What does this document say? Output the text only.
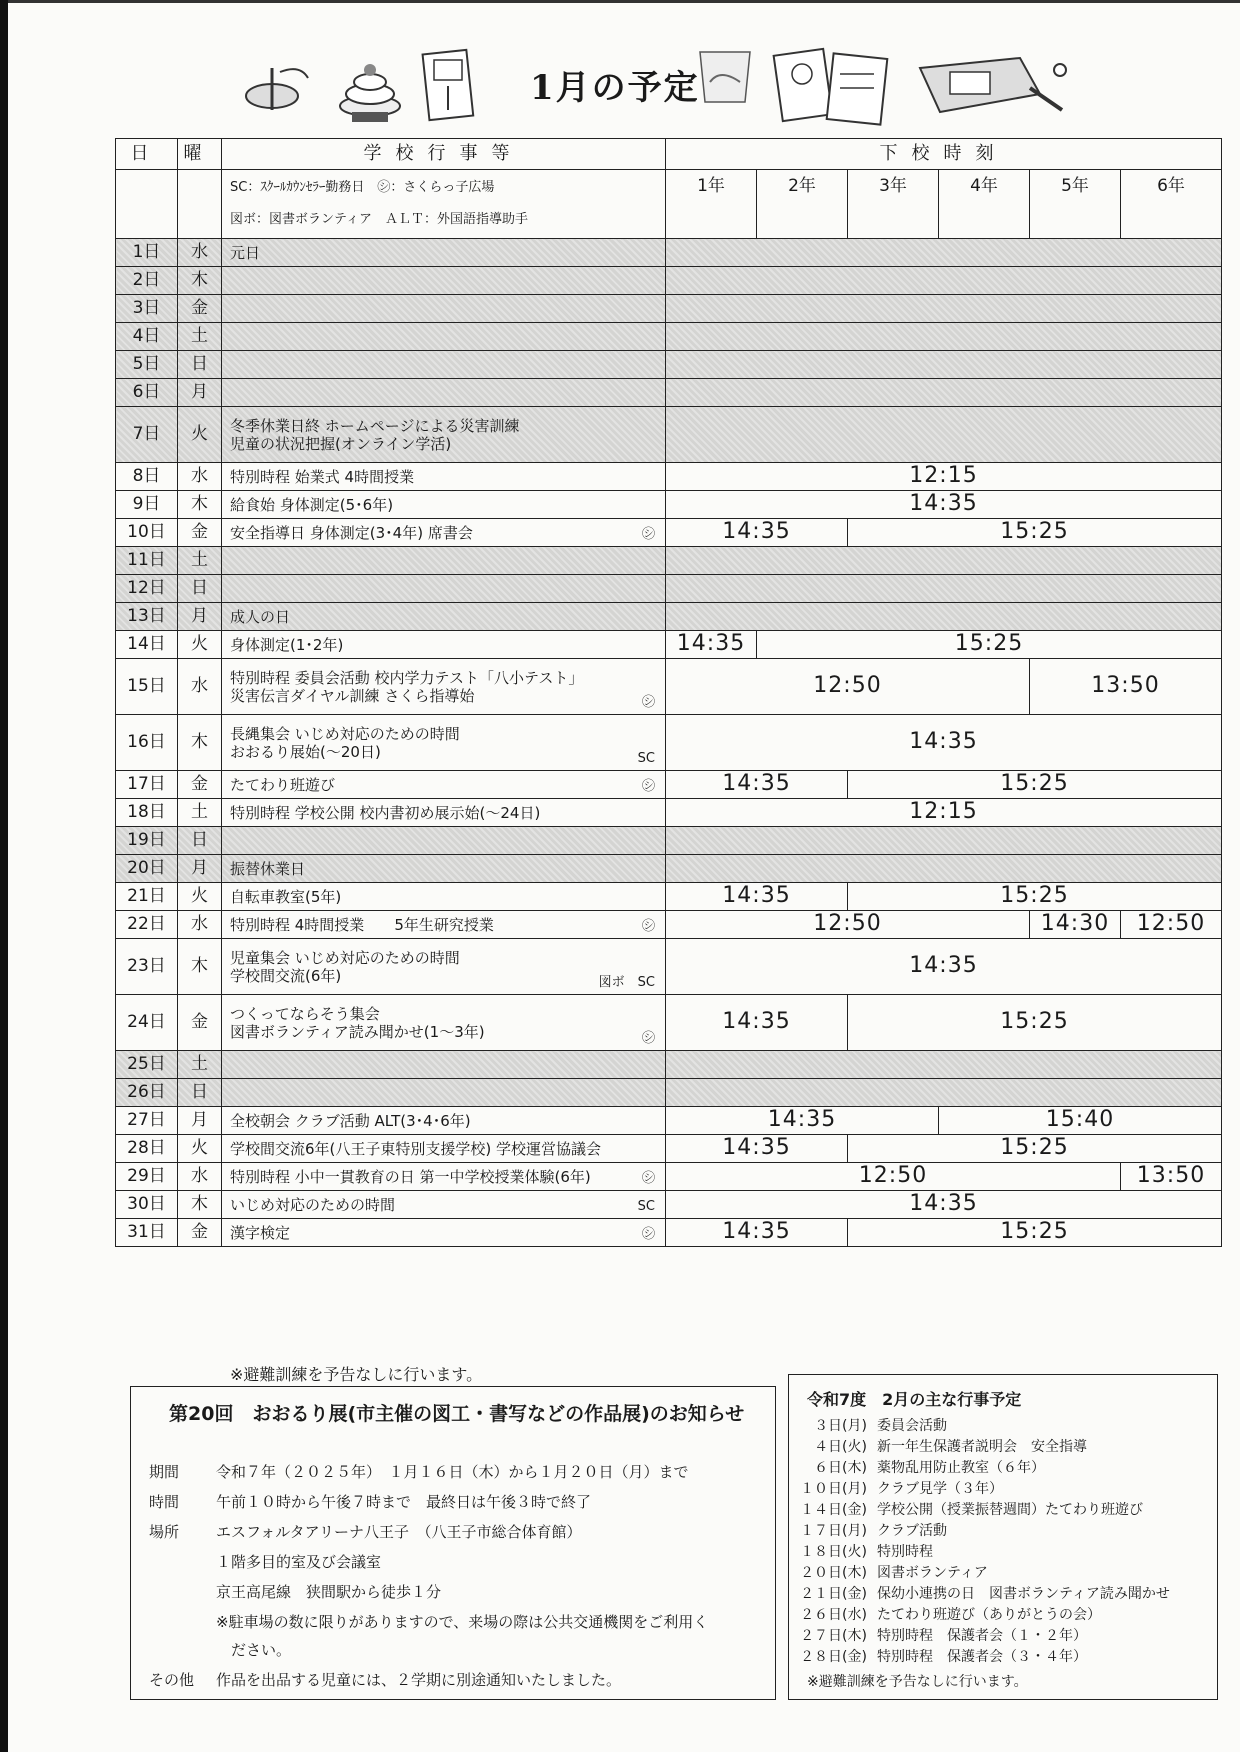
1月の予定
日	曜	学校行事等	下校時刻					

		SC：ｽｸｰﾙｶｳﾝｾﾗｰ勤務日　㋛：さくらっ子広場
図ボ：図書ボランティア　ＡＬＴ：外国語指導助手	1年	2年	3年	4年	5年	6年
1日	水	元日						

2日	木							
3日	金							
4日	土							
5日	日							
6日	月							
7日	火	冬季休業日終 ホームページによる災害訓練
児童の状況把握(オンライン学活)						

8日	水	特別時程 始業式 4時間授業	12:15					
9日	木	給食始 身体測定(5･6年)	14:35					
10日	金	安全指導日 身体測定(3･4年) 席書会 ㋛	14:35		15:25			
11日	土							
12日	日							
13日	月	成人の日						

14日	火	身体測定(1･2年)	14:35	15:25				
15日	水	特別時程 委員会活動 校内学力テスト「八小テスト」
災害伝言ダイヤル訓練 さくら指導始 ㋛	12:50				13:50	
16日	木	長縄集会 いじめ対応のための時間
おおるり展始(～20日) SC	14:35					
17日	金	たてわり班遊び ㋛	14:35		15:25			
18日	土	特別時程 学校公開 校内書初め展示始(～24日)	12:15					
19日	日							
20日	月	振替休業日						

21日	火	自転車教室(5年)	14:35		15:25			
22日	水	特別時程 4時間授業　　5年生研究授業 ㋛	12:50				14:30	12:50
23日	木	児童集会 いじめ対応のための時間
学校間交流(6年) 図ボ　SC	14:35					
24日	金	つくってならそう集会
図書ボランティア読み聞かせ(1～3年) ㋛	14:35		15:25			
25日	土							
26日	日							
27日	月	全校朝会 クラブ活動 ALT(3･4･6年)	14:35			15:40		
28日	火	学校間交流6年(八王子東特別支援学校) 学校運営協議会	14:35		15:25			
29日	水	特別時程 小中一貫教育の日 第一中学校授業体験(6年) ㋛	12:50					13:50
30日	木	いじめ対応のための時間 SC	14:35					
31日	金	漢字検定 ㋛	14:35		15:25			
※避難訓練を予告なしに行います。
第20回　おおるり展(市主催の図工・書写などの作品展)のお知らせ
期間 令和７年（２０２５年）　１月１６日（木）から１月２０日（月）まで
時間 午前１０時から午後７時まで　最終日は午後３時で終了
場所 エスフォルタアリーナ八王子　（八王子市総合体育館）
１階多目的室及び会議室
京王高尾線　狭間駅から徒歩１分
※駐車場の数に限りがありますので、来場の際は公共交通機関をご利用く
ださい。
その他 作品を出品する児童には、２学期に別途通知いたしました。
令和7度　2月の主な行事予定
３日(月) 委員会活動
４日(火) 新一年生保護者説明会　安全指導
６日(木) 薬物乱用防止教室（６年）
１０日(月) クラブ見学（３年）
１４日(金) 学校公開（授業振替週間）たてわり班遊び
１７日(月) クラブ活動
１８日(火) 特別時程
２０日(木) 図書ボランティア
２１日(金) 保幼小連携の日　図書ボランティア読み聞かせ
２６日(水) たてわり班遊び（ありがとうの会）
２７日(木) 特別時程　保護者会（１・２年）
２８日(金) 特別時程　保護者会（３・４年）
※避難訓練を予告なしに行います。
